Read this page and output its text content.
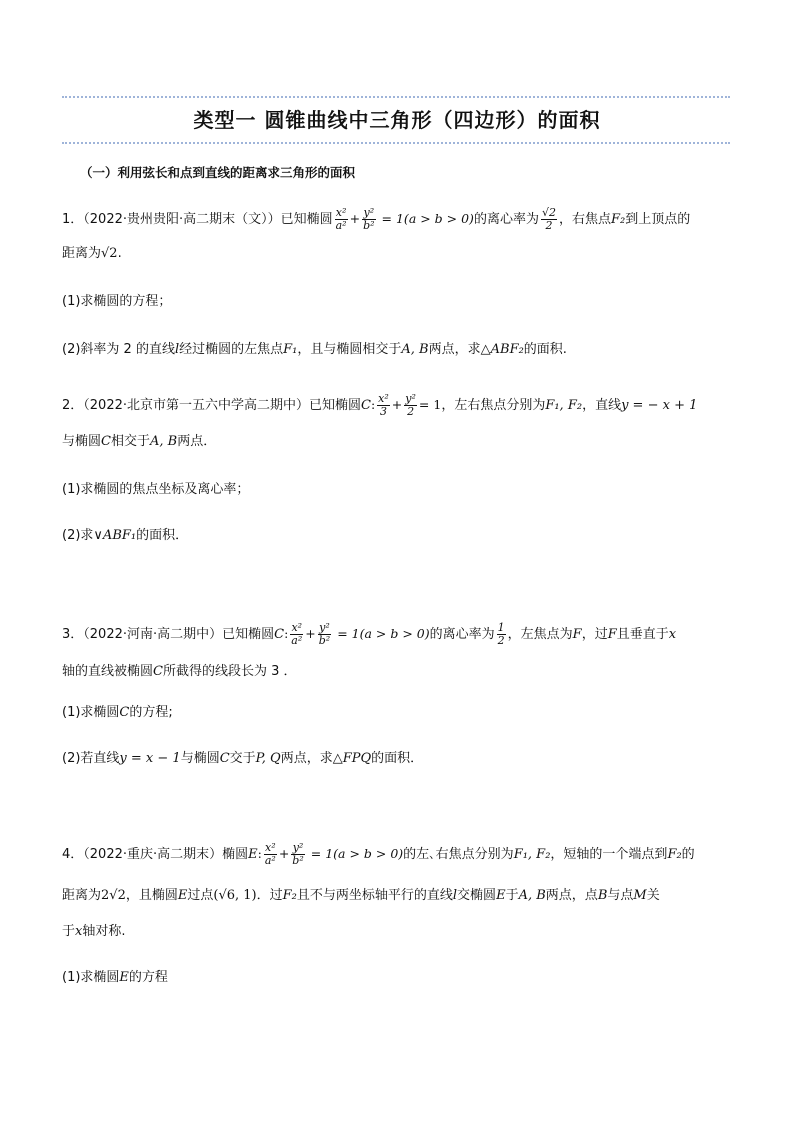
类型一 圆锥曲线中三角形（四边形）的面积
（一）利用弦长和点到直线的距离求三角形的面积
1．（2022·贵州贵阳·高二期末（文））已知椭圆 $\frac{\text{x²}}{\text{a²}} + \frac{\text{y²}}{\text{b²}} = 1(a > b > 0)$的离心率为 $\frac{√2}{2}$ ，右焦点F₂到上顶点的
距离为√2.
(1)求椭圆的方程；
(2)斜率为 2 的直线l经过椭圆的左焦点F₁，且与椭圆相交于A, B两点，求△ABF₂的面积.
2．（2022·北京市第一五六中学高二期中）已知椭圆C: $\frac{\text{x²}}{3} + \frac{\text{y²}}{2} = 1$，左右焦点分别为F₁, F₂，直线y = − x + 1
与椭圆C相交于A, B两点．
(1)求椭圆的焦点坐标及离心率；
(2)求∨ABF₁的面积．
3．（2022·河南·高二期中）已知椭圆C: $\frac{\text{x²}}{\text{a²}} + \frac{\text{y²}}{\text{b²}} = 1(a > b > 0)$的离心率为 $\frac{1}{2}$ ，左焦点为F，过F且垂直于x
轴的直线被椭圆C所截得的线段长为 3 ．
(1)求椭圆C的方程;
(2)若直线y = x − 1与椭圆C交于P, Q两点，求△FPQ的面积．
4．（2022·重庆·高二期末）椭圆E: $\frac{\text{x²}}{\text{a²}} + \frac{\text{y²}}{\text{b²}} = 1(a > b > 0)$的左､右焦点分别为F₁, F₂，短轴的一个端点到F₂的
距离为2√2，且椭圆E过点(√6, 1)．过F₂且不与两坐标轴平行的直线l交椭圆E于A, B两点，点B与点M关
于x轴对称.
(1)求椭圆E的方程
